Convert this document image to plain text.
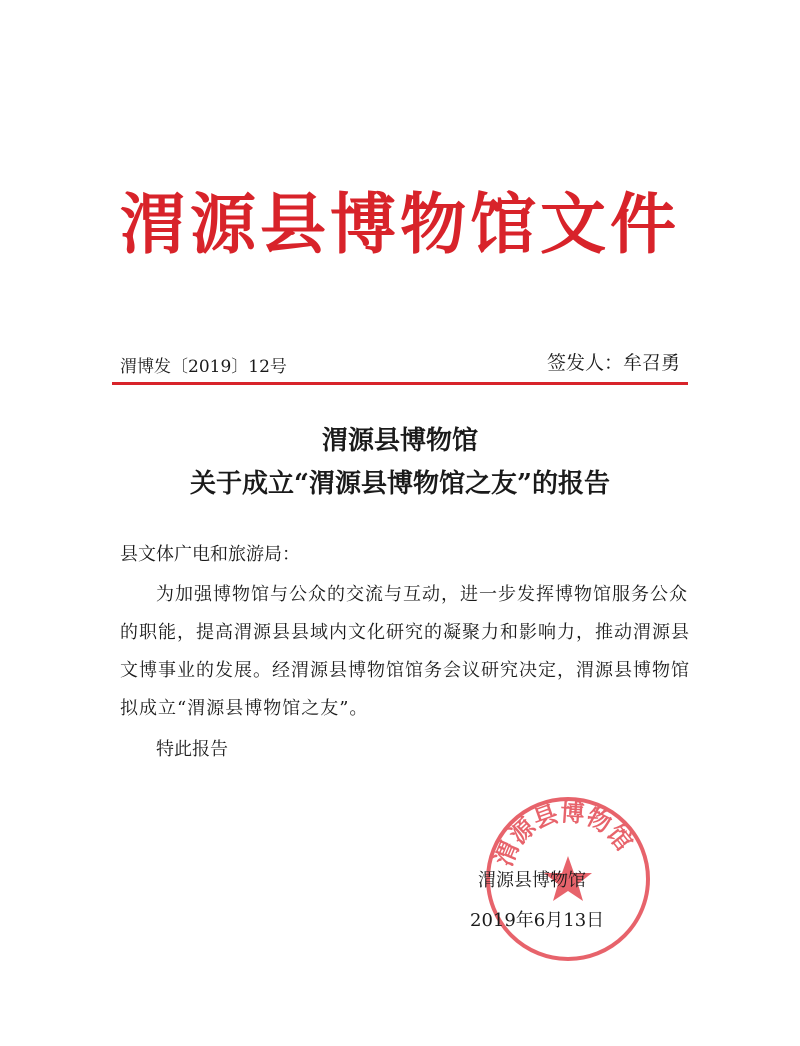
渭源县博物馆文件
渭博发〔2019〕12号	签发人：牟召勇
渭源县博物馆
关于成立“渭源县博物馆之友”的报告
县文体广电和旅游局：

为加强博物馆与公众的交流与互动，进一步发挥博物馆服务公众的职能，提高渭源县县域内文化研究的凝聚力和影响力，推动渭源县文博事业的发展。经渭源县博物馆馆务会议研究决定，渭源县博物馆拟成立“渭源县博物馆之友”。

特此报告
渭源县博物馆
渭源县博物馆
2019年6月13日
